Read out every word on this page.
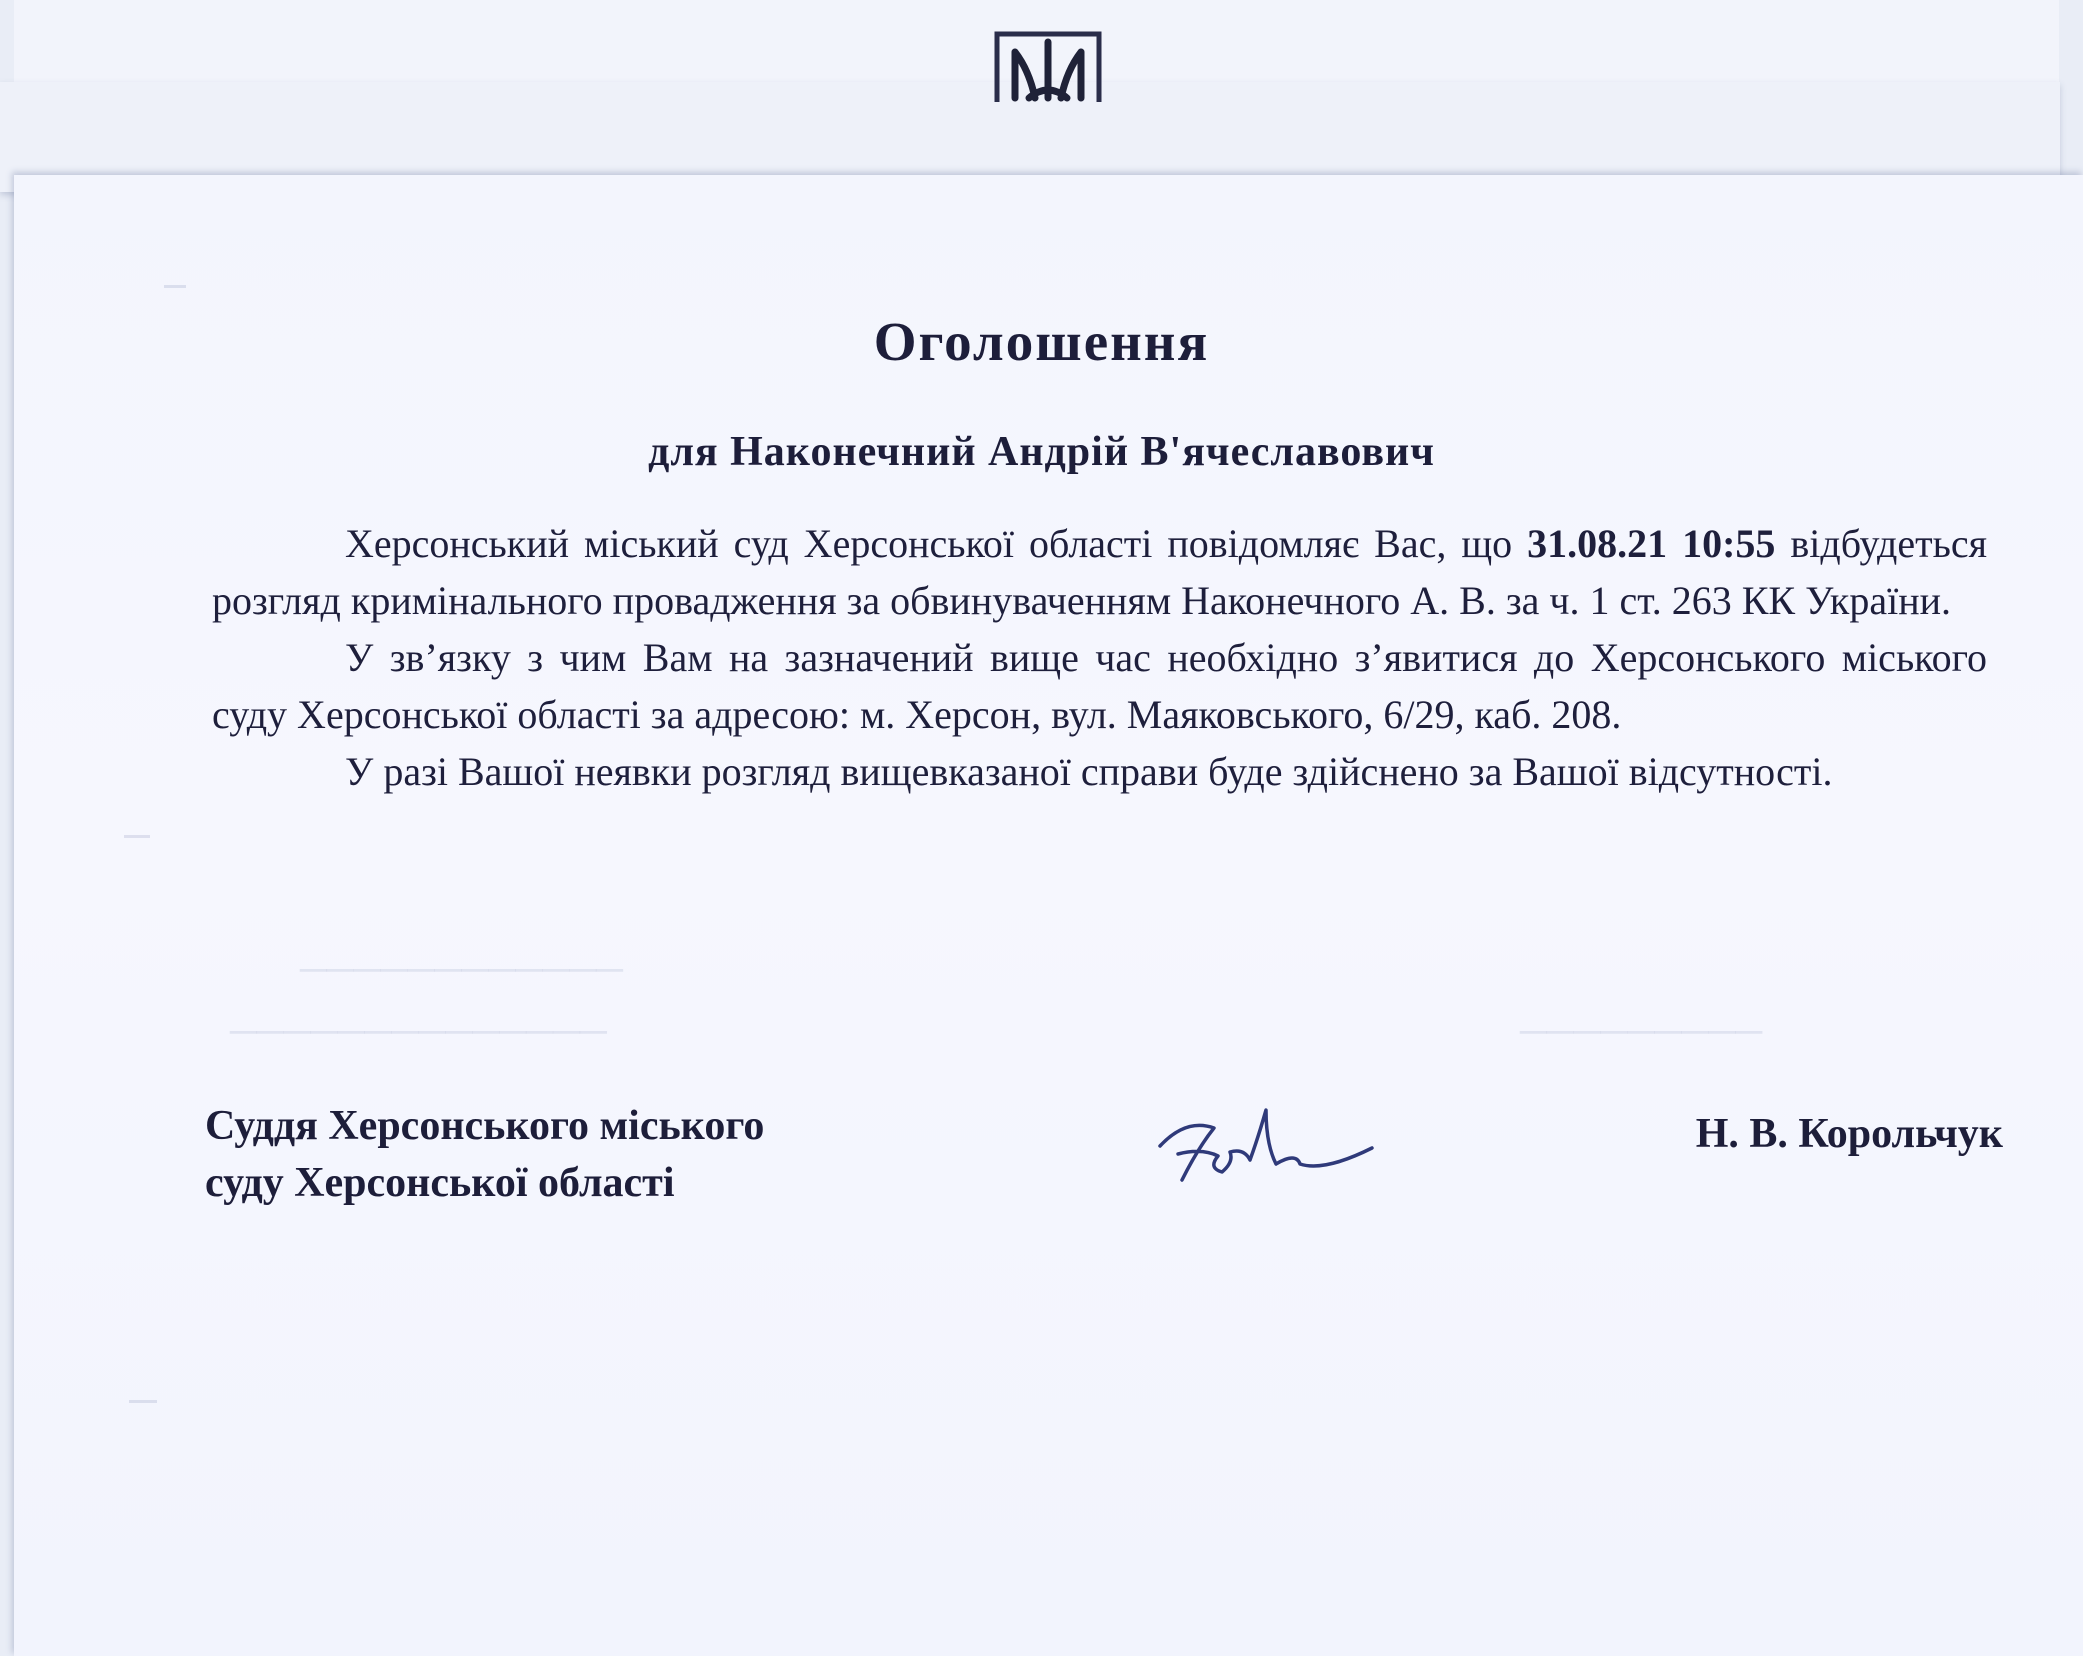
────────────
──────────────	─────────
Оголошення
для Наконечний Андрій В'ячеславович

Херсонський міський суд Херсонської області повідомляє Вас, що 31.08.21 10:55 відбудеться розгляд кримінального провадження за обвинуваченням Наконечного А. В. за ч. 1 ст. 263 КК України.

У зв’язку з чим Вам на зазначений вище час необхідно з’явитися до Херсонського міського суду Херсонської області за адресою: м. Херсон, вул. Маяковського, 6/29, каб. 208.

У разі Вашої неявки розгляд вищевказаної справи буде здійснено за Вашої відсутності.

Суддя Херсонського міського
суду Херсонської області
Н. В. Корольчук
